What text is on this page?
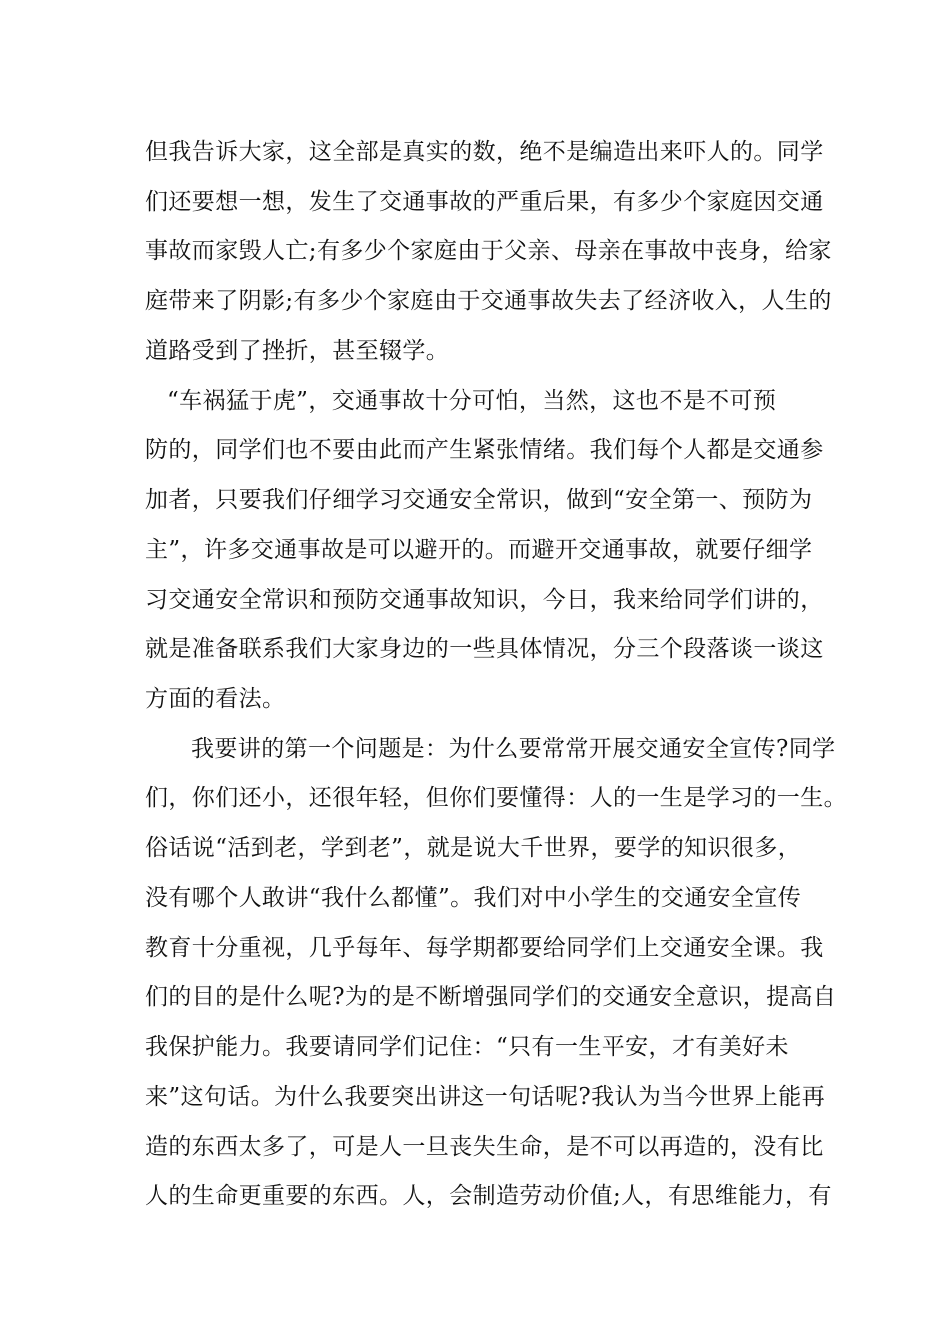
但我告诉大家，这全部是真实的数，绝不是编造出来吓人的。同学
们还要想一想，发生了交通事故的严重后果，有多少个家庭因交通
事故而家毁人亡;有多少个家庭由于父亲、母亲在事故中丧身，给家
庭带来了阴影;有多少个家庭由于交通事故失去了经济收入，人生的
道路受到了挫折，甚至辍学。
“车祸猛于虎”，交通事故十分可怕，当然，这也不是不可预
防的，同学们也不要由此而产生紧张情绪。我们每个人都是交通参
加者，只要我们仔细学习交通安全常识，做到“安全第一、预防为
主”，许多交通事故是可以避开的。而避开交通事故，就要仔细学
习交通安全常识和预防交通事故知识，今日，我来给同学们讲的，
就是准备联系我们大家身边的一些具体情况，分三个段落谈一谈这
方面的看法。
我要讲的第一个问题是：为什么要常常开展交通安全宣传?同学
们，你们还小，还很年轻，但你们要懂得：人的一生是学习的一生。
俗话说“活到老，学到老”，就是说大千世界，要学的知识很多，
没有哪个人敢讲“我什么都懂”。我们对中小学生的交通安全宣传
教育十分重视，几乎每年、每学期都要给同学们上交通安全课。我
们的目的是什么呢?为的是不断增强同学们的交通安全意识，提高自
我保护能力。我要请同学们记住：“只有一生平安，才有美好未
来”这句话。为什么我要突出讲这一句话呢?我认为当今世界上能再
造的东西太多了，可是人一旦丧失生命，是不可以再造的，没有比
人的生命更重要的东西。人，会制造劳动价值;人，有思维能力，有
